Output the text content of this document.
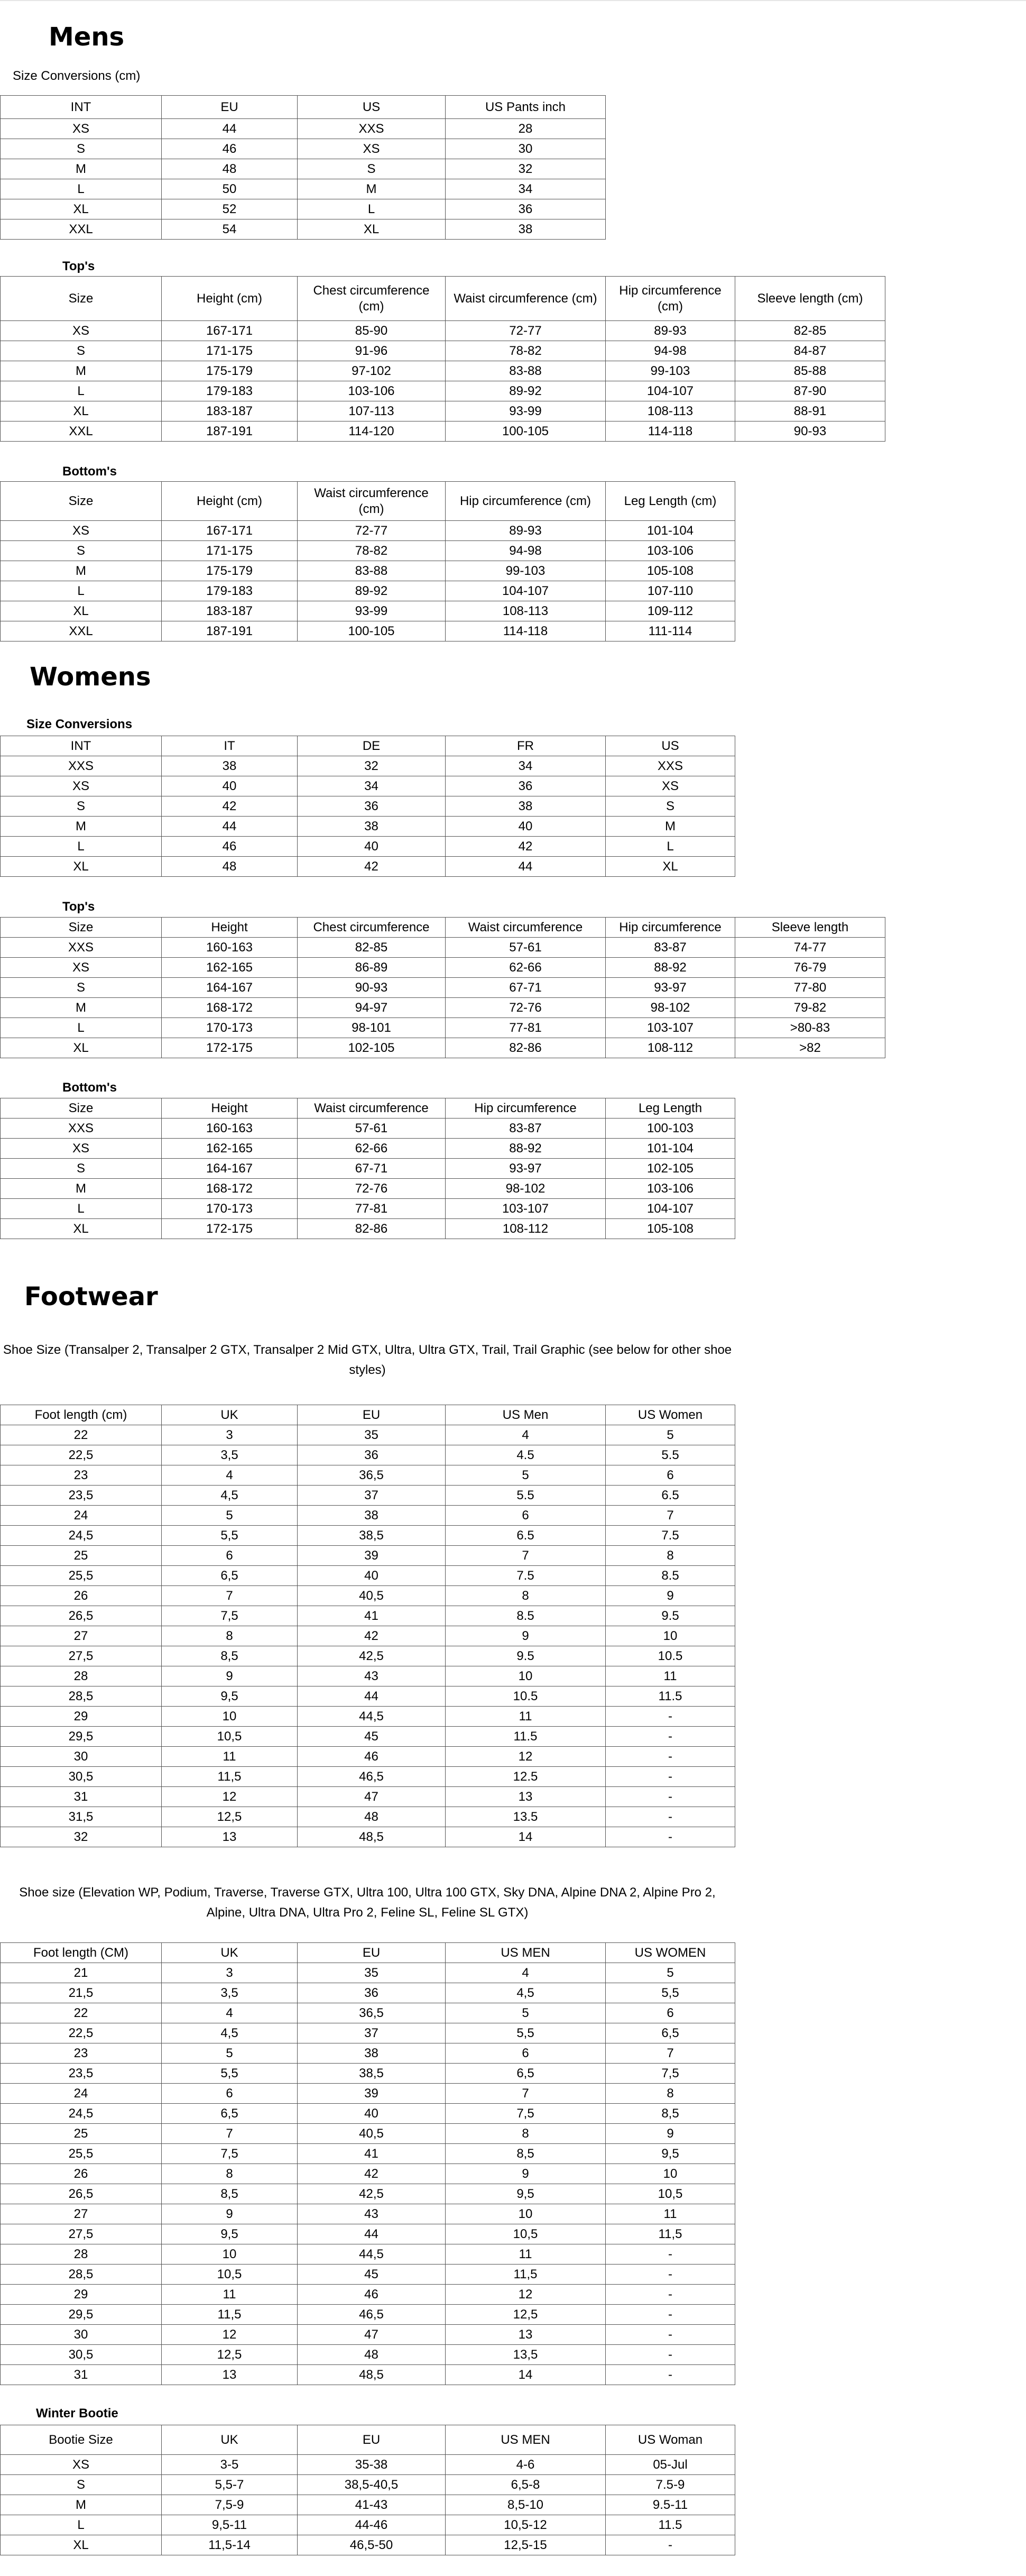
Mens
Size Conversions (cm)
INT	EU	US	US Pants inch
XS	44	XXS	28
S	46	XS	30
M	48	S	32
L	50	M	34
XL	52	L	36
XXL	54	XL	38
Top's
Size	Height (cm)	Chest circumference (cm)	Waist circumference (cm)	Hip circumference (cm)	Sleeve length (cm)
XS	167-171	85-90	72-77	89-93	82-85
S	171-175	91-96	78-82	94-98	84-87
M	175-179	97-102	83-88	99-103	85-88
L	179-183	103-106	89-92	104-107	87-90
XL	183-187	107-113	93-99	108-113	88-91
XXL	187-191	114-120	100-105	114-118	90-93
Bottom's
Size	Height (cm)	Waist circumference (cm)	Hip circumference (cm)	Leg Length (cm)
XS	167-171	72-77	89-93	101-104
S	171-175	78-82	94-98	103-106
M	175-179	83-88	99-103	105-108
L	179-183	89-92	104-107	107-110
XL	183-187	93-99	108-113	109-112
XXL	187-191	100-105	114-118	111-114
Womens
Size Conversions
INT	IT	DE	FR	US
XXS	38	32	34	XXS
XS	40	34	36	XS
S	42	36	38	S
M	44	38	40	M
L	46	40	42	L
XL	48	42	44	XL
Top's
Size	Height	Chest circumference	Waist circumference	Hip circumference	Sleeve length
XXS	160-163	82-85	57-61	83-87	74-77
XS	162-165	86-89	62-66	88-92	76-79
S	164-167	90-93	67-71	93-97	77-80
M	168-172	94-97	72-76	98-102	79-82
L	170-173	98-101	77-81	103-107	>80-83
XL	172-175	102-105	82-86	108-112	>82
Bottom's
Size	Height	Waist circumference	Hip circumference	Leg Length
XXS	160-163	57-61	83-87	100-103
XS	162-165	62-66	88-92	101-104
S	164-167	67-71	93-97	102-105
M	168-172	72-76	98-102	103-106
L	170-173	77-81	103-107	104-107
XL	172-175	82-86	108-112	105-108
Footwear
Shoe Size (Transalper 2, Transalper 2 GTX, Transalper 2 Mid GTX, Ultra, Ultra GTX, Trail, Trail Graphic (see below for other shoe styles)
Foot length (cm)	UK	EU	US Men	US Women
22	3	35	4	5
22,5	3,5	36	4.5	5.5
23	4	36,5	5	6
23,5	4,5	37	5.5	6.5
24	5	38	6	7
24,5	5,5	38,5	6.5	7.5
25	6	39	7	8
25,5	6,5	40	7.5	8.5
26	7	40,5	8	9
26,5	7,5	41	8.5	9.5
27	8	42	9	10
27,5	8,5	42,5	9.5	10.5
28	9	43	10	11
28,5	9,5	44	10.5	11.5
29	10	44,5	11	-
29,5	10,5	45	11.5	-
30	11	46	12	-
30,5	11,5	46,5	12.5	-
31	12	47	13	-
31,5	12,5	48	13.5	-
32	13	48,5	14	-
Shoe size (Elevation WP, Podium, Traverse, Traverse GTX, Ultra 100, Ultra 100 GTX, Sky DNA, Alpine DNA 2, Alpine Pro 2, Alpine, Ultra DNA, Ultra Pro 2, Feline SL, Feline SL GTX)
Foot length (CM)	UK	EU	US MEN	US WOMEN
21	3	35	4	5
21,5	3,5	36	4,5	5,5
22	4	36,5	5	6
22,5	4,5	37	5,5	6,5
23	5	38	6	7
23,5	5,5	38,5	6,5	7,5
24	6	39	7	8
24,5	6,5	40	7,5	8,5
25	7	40,5	8	9
25,5	7,5	41	8,5	9,5
26	8	42	9	10
26,5	8,5	42,5	9,5	10,5
27	9	43	10	11
27,5	9,5	44	10,5	11,5
28	10	44,5	11	-
28,5	10,5	45	11,5	-
29	11	46	12	-
29,5	11,5	46,5	12,5	-
30	12	47	13	-
30,5	12,5	48	13,5	-
31	13	48,5	14	-
Winter Bootie
Bootie Size	UK	EU	US MEN	US Woman
XS	3-5	35-38	4-6	05-Jul
S	5,5-7	38,5-40,5	6,5-8	7.5-9
M	7,5-9	41-43	8,5-10	9.5-11
L	9,5-11	44-46	10,5-12	11.5
XL	11,5-14	46,5-50	12,5-15	-
